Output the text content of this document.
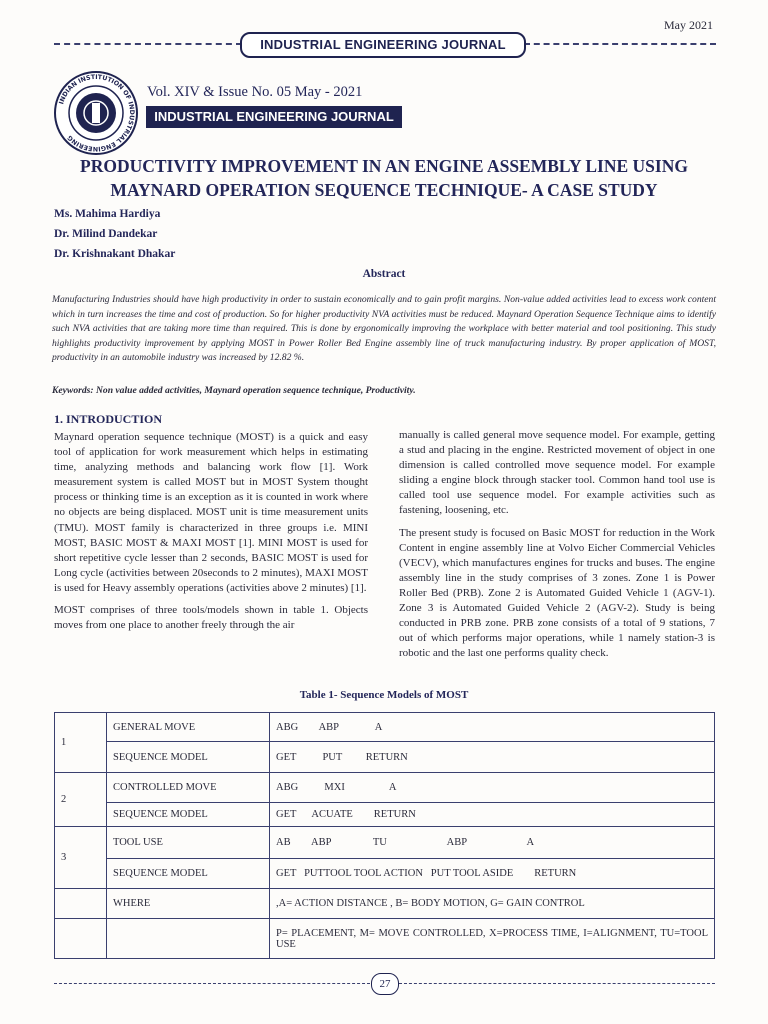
May 2021
INDUSTRIAL ENGINEERING JOURNAL
INDIAN INSTITUTION OF INDUSTRIAL ENGINEERING
Vol. XIV & Issue No. 05 May - 2021
INDUSTRIAL ENGINEERING JOURNAL
PRODUCTIVITY IMPROVEMENT IN AN ENGINE ASSEMBLY LINE USING
MAYNARD OPERATION SEQUENCE TECHNIQUE- A CASE STUDY
Ms. Mahima Hardiya
Dr. Milind Dandekar
Dr. Krishnakant Dhakar
Abstract
Manufacturing Industries should have high productivity in order to sustain economically and to gain profit margins. Non-value added activities lead to excess work content which in turn increases the time and cost of production. So for higher productivity NVA activities must be reduced. Maynard Operation Sequence Technique aims to identify such NVA activities that are taking more time than required. This is done by ergonomically improving the workplace with better material and tool positioning. This study highlights productivity improvement by applying MOST in Power Roller Bed Engine assembly line of truck manufacturing industry. By proper application of MOST, productivity in an automobile industry was increased by 12.82 %.
Keywords: Non value added activities, Maynard operation sequence technique, Productivity.
1. INTRODUCTION

Maynard operation sequence technique (MOST) is a quick and easy tool of application for work measurement which helps in estimating time, analyzing methods and balancing work flow [1]. Work measurement system is called MOST but in MOST System thought process or thinking time is an exception as it is counted in work where no objects are being displaced. MOST unit is time measurement units (TMU). MOST family is characterized in three groups i.e. MINI MOST, BASIC MOST & MAXI MOST [1]. MINI MOST is used for short repetitive cycle lesser than 2 seconds, BASIC MOST is used for Long cycle (activities between 20seconds to 2 minutes), MAXI MOST is used for Heavy assembly operations (activities above 2 minutes) [1].

MOST comprises of three tools/models shown in table 1. Objects moves from one place to another freely through the air

manually is called general move sequence model. For example, getting a stud and placing in the engine. Restricted movement of object in one dimension is called controlled move sequence model. For example sliding a engine block through stacker tool. Common hand tool use is called tool use sequence model. For example activities such as fastening, loosening, etc.

The present study is focused on Basic MOST for reduction in the Work Content in engine assembly line at Volvo Eicher Commercial Vehicles (VECV), which manufactures engines for trucks and buses. The engine assembly line in the study comprises of 3 zones. Zone 1 is Power Roller Bed (PRB). Zone 2 is Automated Guided Vehicle 1 (AGV-1). Zone 3 is Automated Guided Vehicle 2 (AGV-2). Study is being conducted in PRB zone. PRB zone consists of a total of 9 stations, 7 out of which performs major operations, while 1 namely station-3 is robotic and the last one performs quality check.

Table 1- Sequence Models of MOST
1	GENERAL MOVE	ABG        ABP              A
	SEQUENCE MODEL	GET          PUT         RETURN
2	CONTROLLED MOVE	ABG          MXI                 A
	SEQUENCE MODEL	GET      ACUATE        RETURN
3	TOOL USE	AB        ABP                TU                       ABP                       A
	SEQUENCE MODEL	GET   PUTTOOL TOOL ACTION   PUT TOOL ASIDE        RETURN
	WHERE	,A= ACTION DISTANCE , B= BODY MOTION, G= GAIN CONTROL
		P= PLACEMENT, M= MOVE CONTROLLED, X=PROCESS TIME, I=ALIGNMENT, TU=TOOL USE
27
